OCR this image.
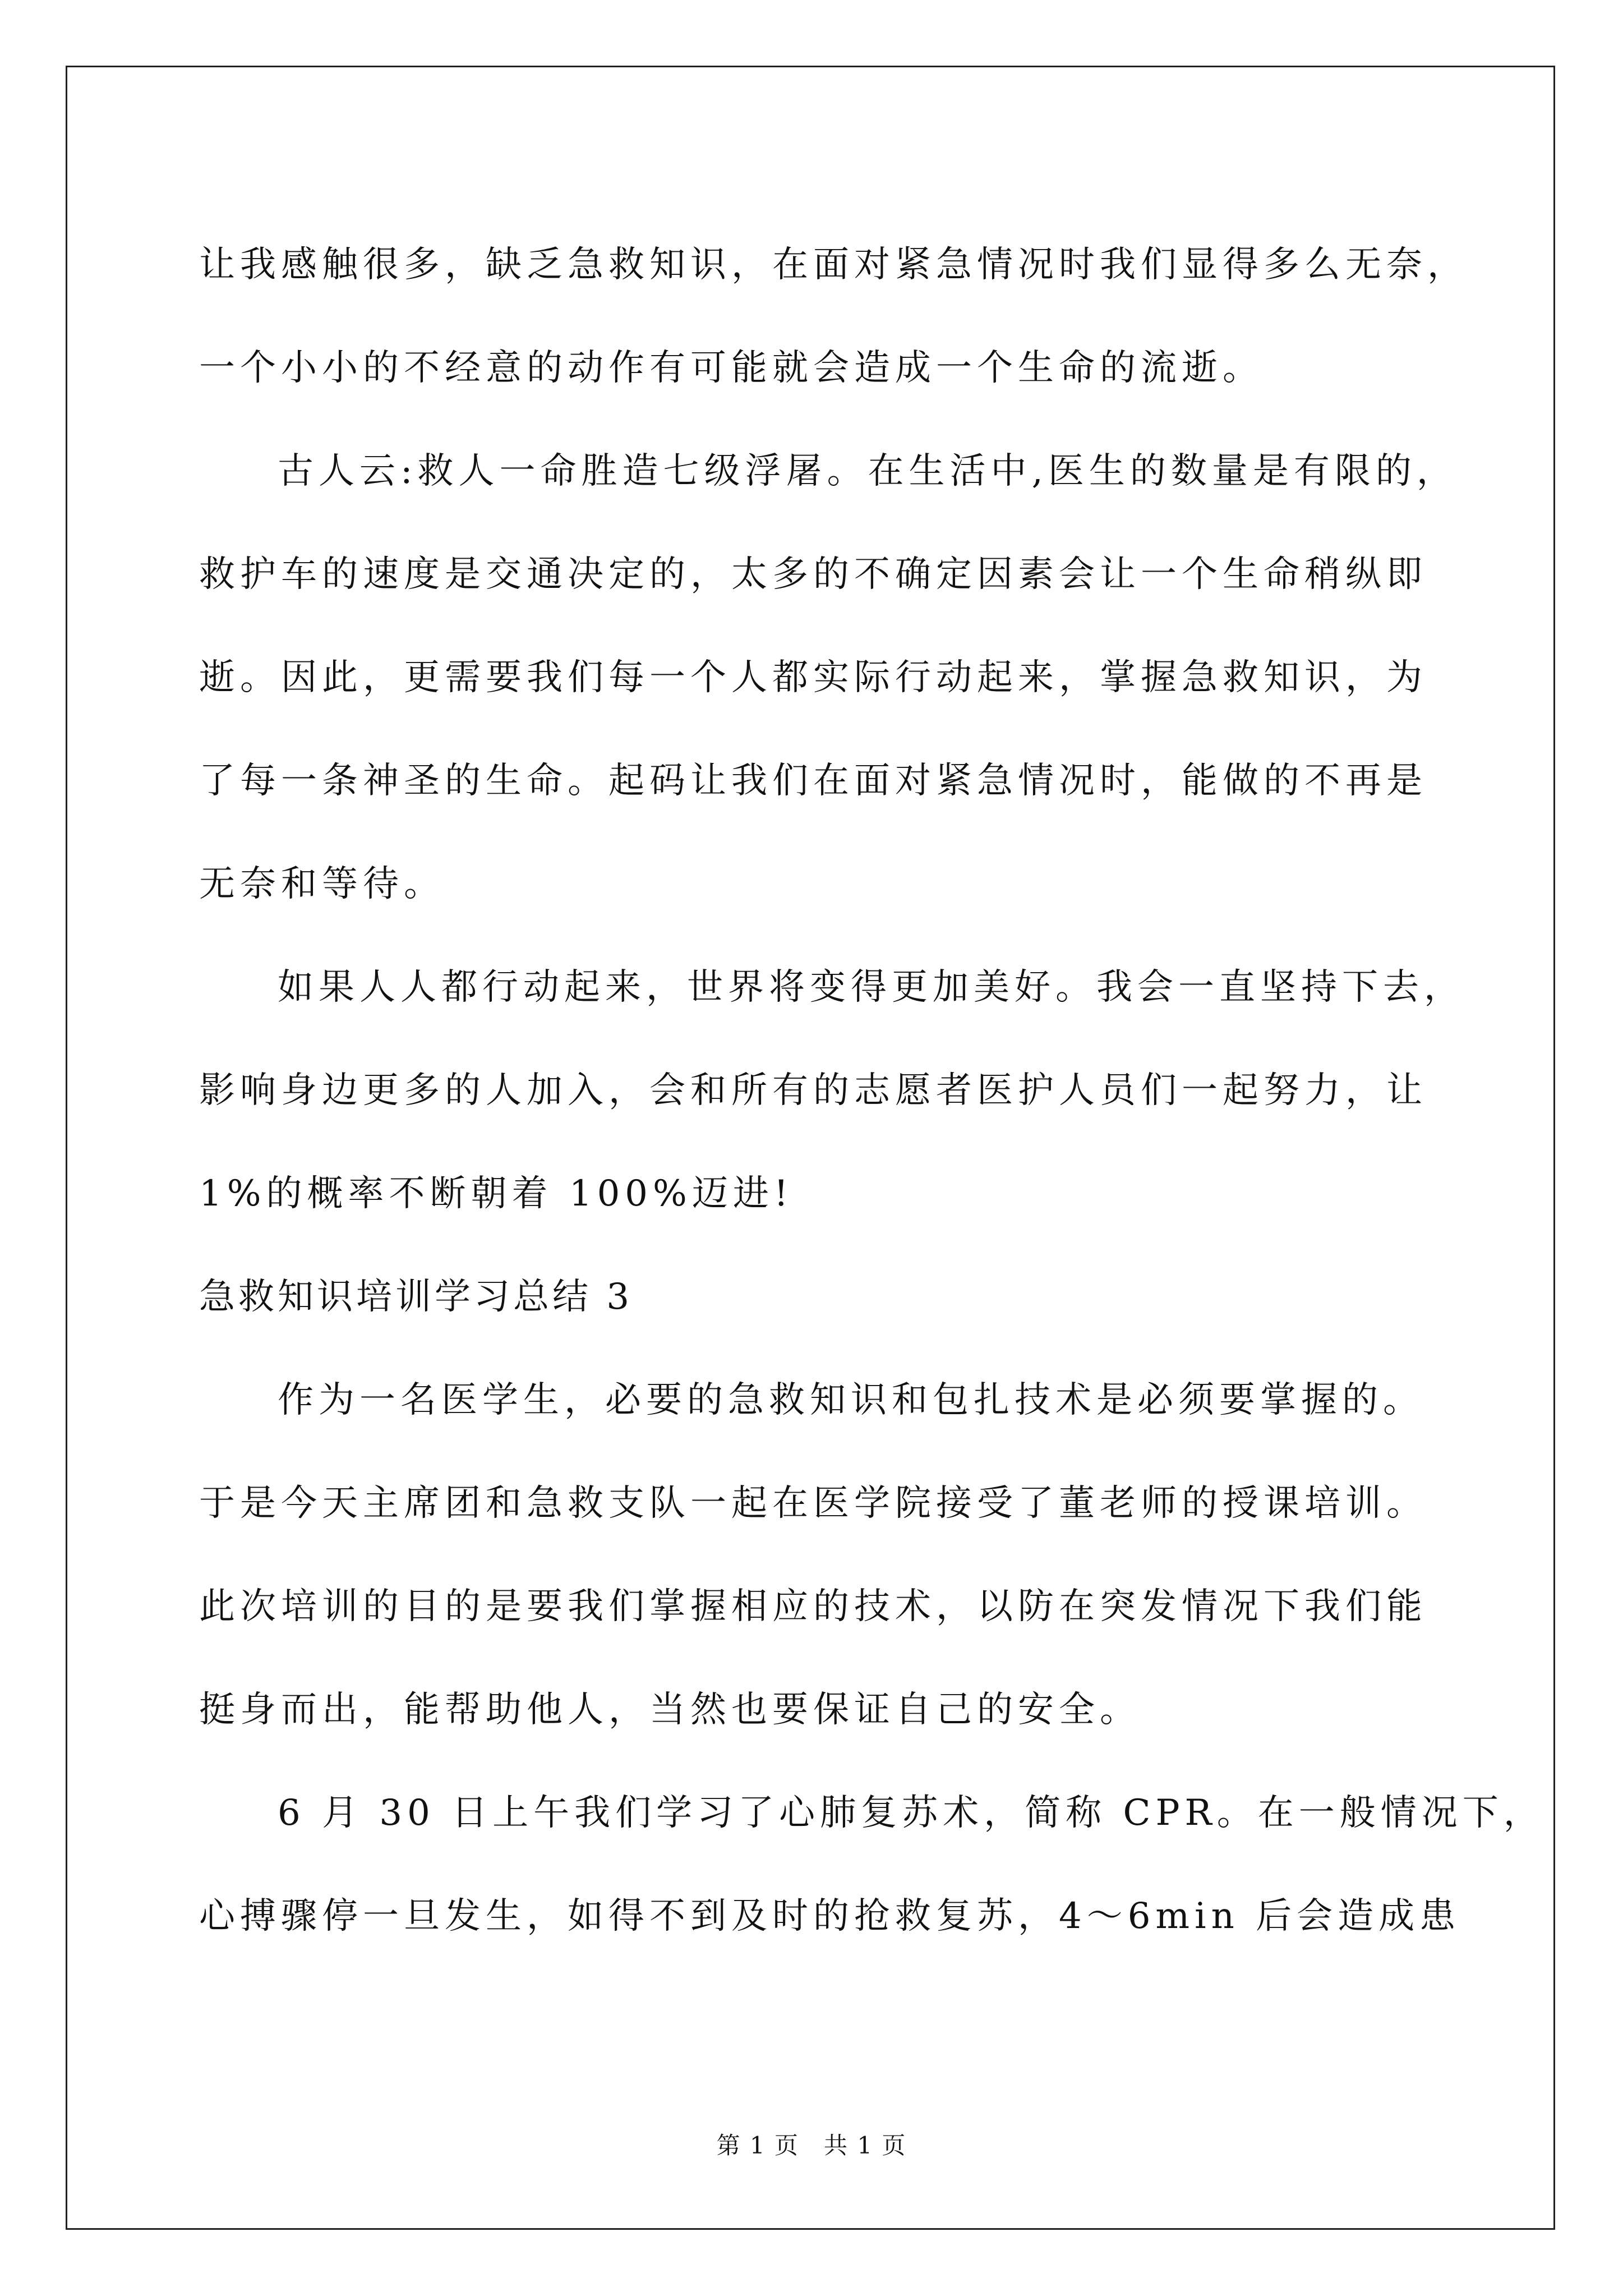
让我感触很多，缺乏急救知识，在面对紧急情况时我们显得多么无奈，
一个小小的不经意的动作有可能就会造成一个生命的流逝。
古人云:救人一命胜造七级浮屠。在生活中,医生的数量是有限的，
救护车的速度是交通决定的，太多的不确定因素会让一个生命稍纵即
逝。因此，更需要我们每一个人都实际行动起来，掌握急救知识，为
了每一条神圣的生命。起码让我们在面对紧急情况时，能做的不再是
无奈和等待。
如果人人都行动起来，世界将变得更加美好。我会一直坚持下去，
影响身边更多的人加入，会和所有的志愿者医护人员们一起努力，让
1%的概率不断朝着 100%迈进!
急救知识培训学习总结 3
作为一名医学生，必要的急救知识和包扎技术是必须要掌握的。
于是今天主席团和急救支队一起在医学院接受了董老师的授课培训。
此次培训的目的是要我们掌握相应的技术，以防在突发情况下我们能
挺身而出，能帮助他人，当然也要保证自己的安全。
6 月 30 日上午我们学习了心肺复苏术，简称 CPR。在一般情况下，
心搏骤停一旦发生，如得不到及时的抢救复苏，4～6min 后会造成患
第 1 页　共 1 页
